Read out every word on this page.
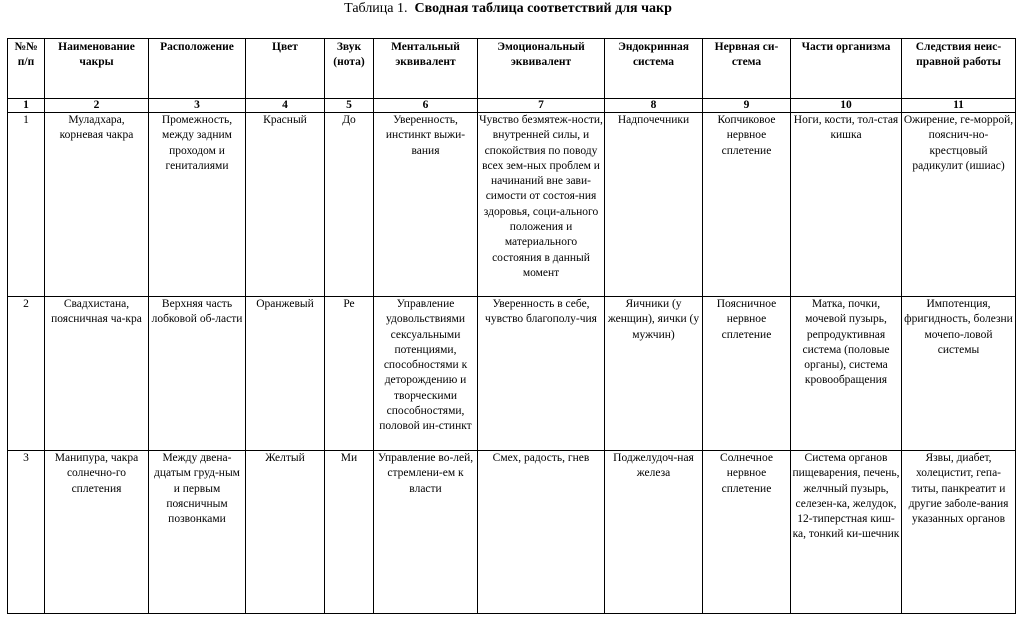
Таблица 1. Сводная таблица соответствий для чакр
№№ п/п	Наименование чакры	Расположение	Цвет	Звук (нота)	Ментальный эквивалент	Эмоциональный эквивалент	Эндокринная система	Нервная си-стема	Части организма	Следствия неис-правной работы
1	2	3	4	5	6	7	8	9	10	11
1	Муладхара, корневая чакра	Промежность, между задним проходом и гениталиями	Красный	До	Уверенность, инстинкт выжи-вания	Чувство безмятеж-ности, внутренней силы, и спокойствия по поводу всех зем-ных проблем и начинаний вне зави-симости от состоя-ния здоровья, соци-ального положения и материального состояния в данный момент	Надпочечники	Копчиковое нервное сплетение	Ноги, кости, тол-стая кишка	Ожирение, ге-моррой, пояснич-но-крестцовый радикулит (ишиас)
2	Свадхистана, поясничная ча-кра	Верхняя часть лобковой об-ласти	Оранжевый	Ре	Управление удовольствиями сексуальными потенциями, способностями к деторождению и творческими способностями, половой ин-стинкт	Уверенность в себе, чувство благополу-чия	Яичники (у женщин), яички (у мужчин)	Поясничное нервное сплетение	Матка, почки, мочевой пузырь, репродуктивная система (половые органы), система кровообращения	Импотенция, фригидность, болезни мочепо-ловой системы
3	Манипура, чакра солнечно-го сплетения	Между двена-дцатым груд-ным и первым поясничным позвонками	Желтый	Ми	Управление во-лей, стремлени-ем к власти	Смех, радость, гнев	Поджелудоч-ная железа	Солнечное нервное сплетение	Система органов пищеварения, печень, желчный пузырь, селезен-ка, желудок, 12-типерстная киш-ка, тонкий ки-шечник	Язвы, диабет, холецистит, гепа-титы, панкреатит и другие заболе-вания указанных органов
